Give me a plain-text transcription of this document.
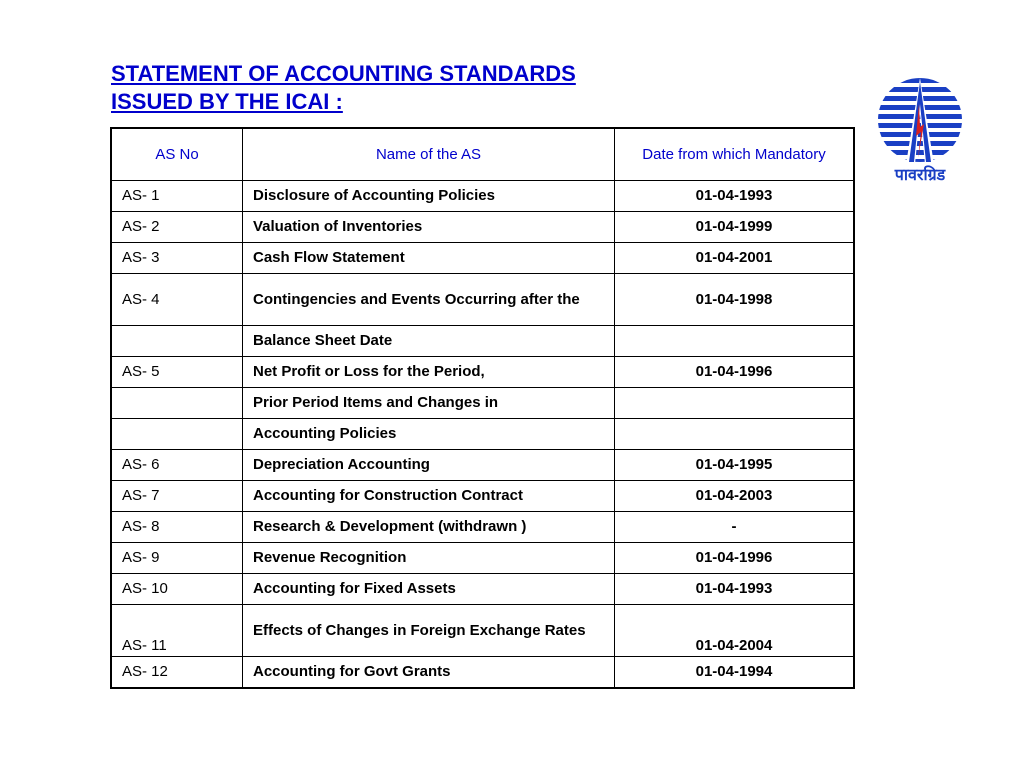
STATEMENT OF ACCOUNTING STANDARDS
ISSUED BY THE ICAI :
पावरग्रिड
AS No	Name of the AS	Date from which Mandatory
AS- 1	Disclosure of Accounting Policies	01-04-1993
AS- 2	Valuation of Inventories	01-04-1999
AS- 3	Cash Flow Statement	01-04-2001
AS- 4	Contingencies and Events Occurring after the	01-04-1998
	Balance Sheet Date	
AS- 5	Net Profit or Loss for the Period,	01-04-1996
	Prior Period Items and Changes in	
	Accounting Policies	
AS- 6	Depreciation Accounting	01-04-1995
AS- 7	Accounting for Construction Contract	01-04-2003
AS- 8	Research & Development (withdrawn )	-
AS- 9	Revenue Recognition	01-04-1996
AS- 10	Accounting for Fixed Assets	01-04-1993
AS- 11	Effects of Changes in Foreign Exchange Rates	01-04-2004
AS- 12	Accounting for Govt Grants	01-04-1994
